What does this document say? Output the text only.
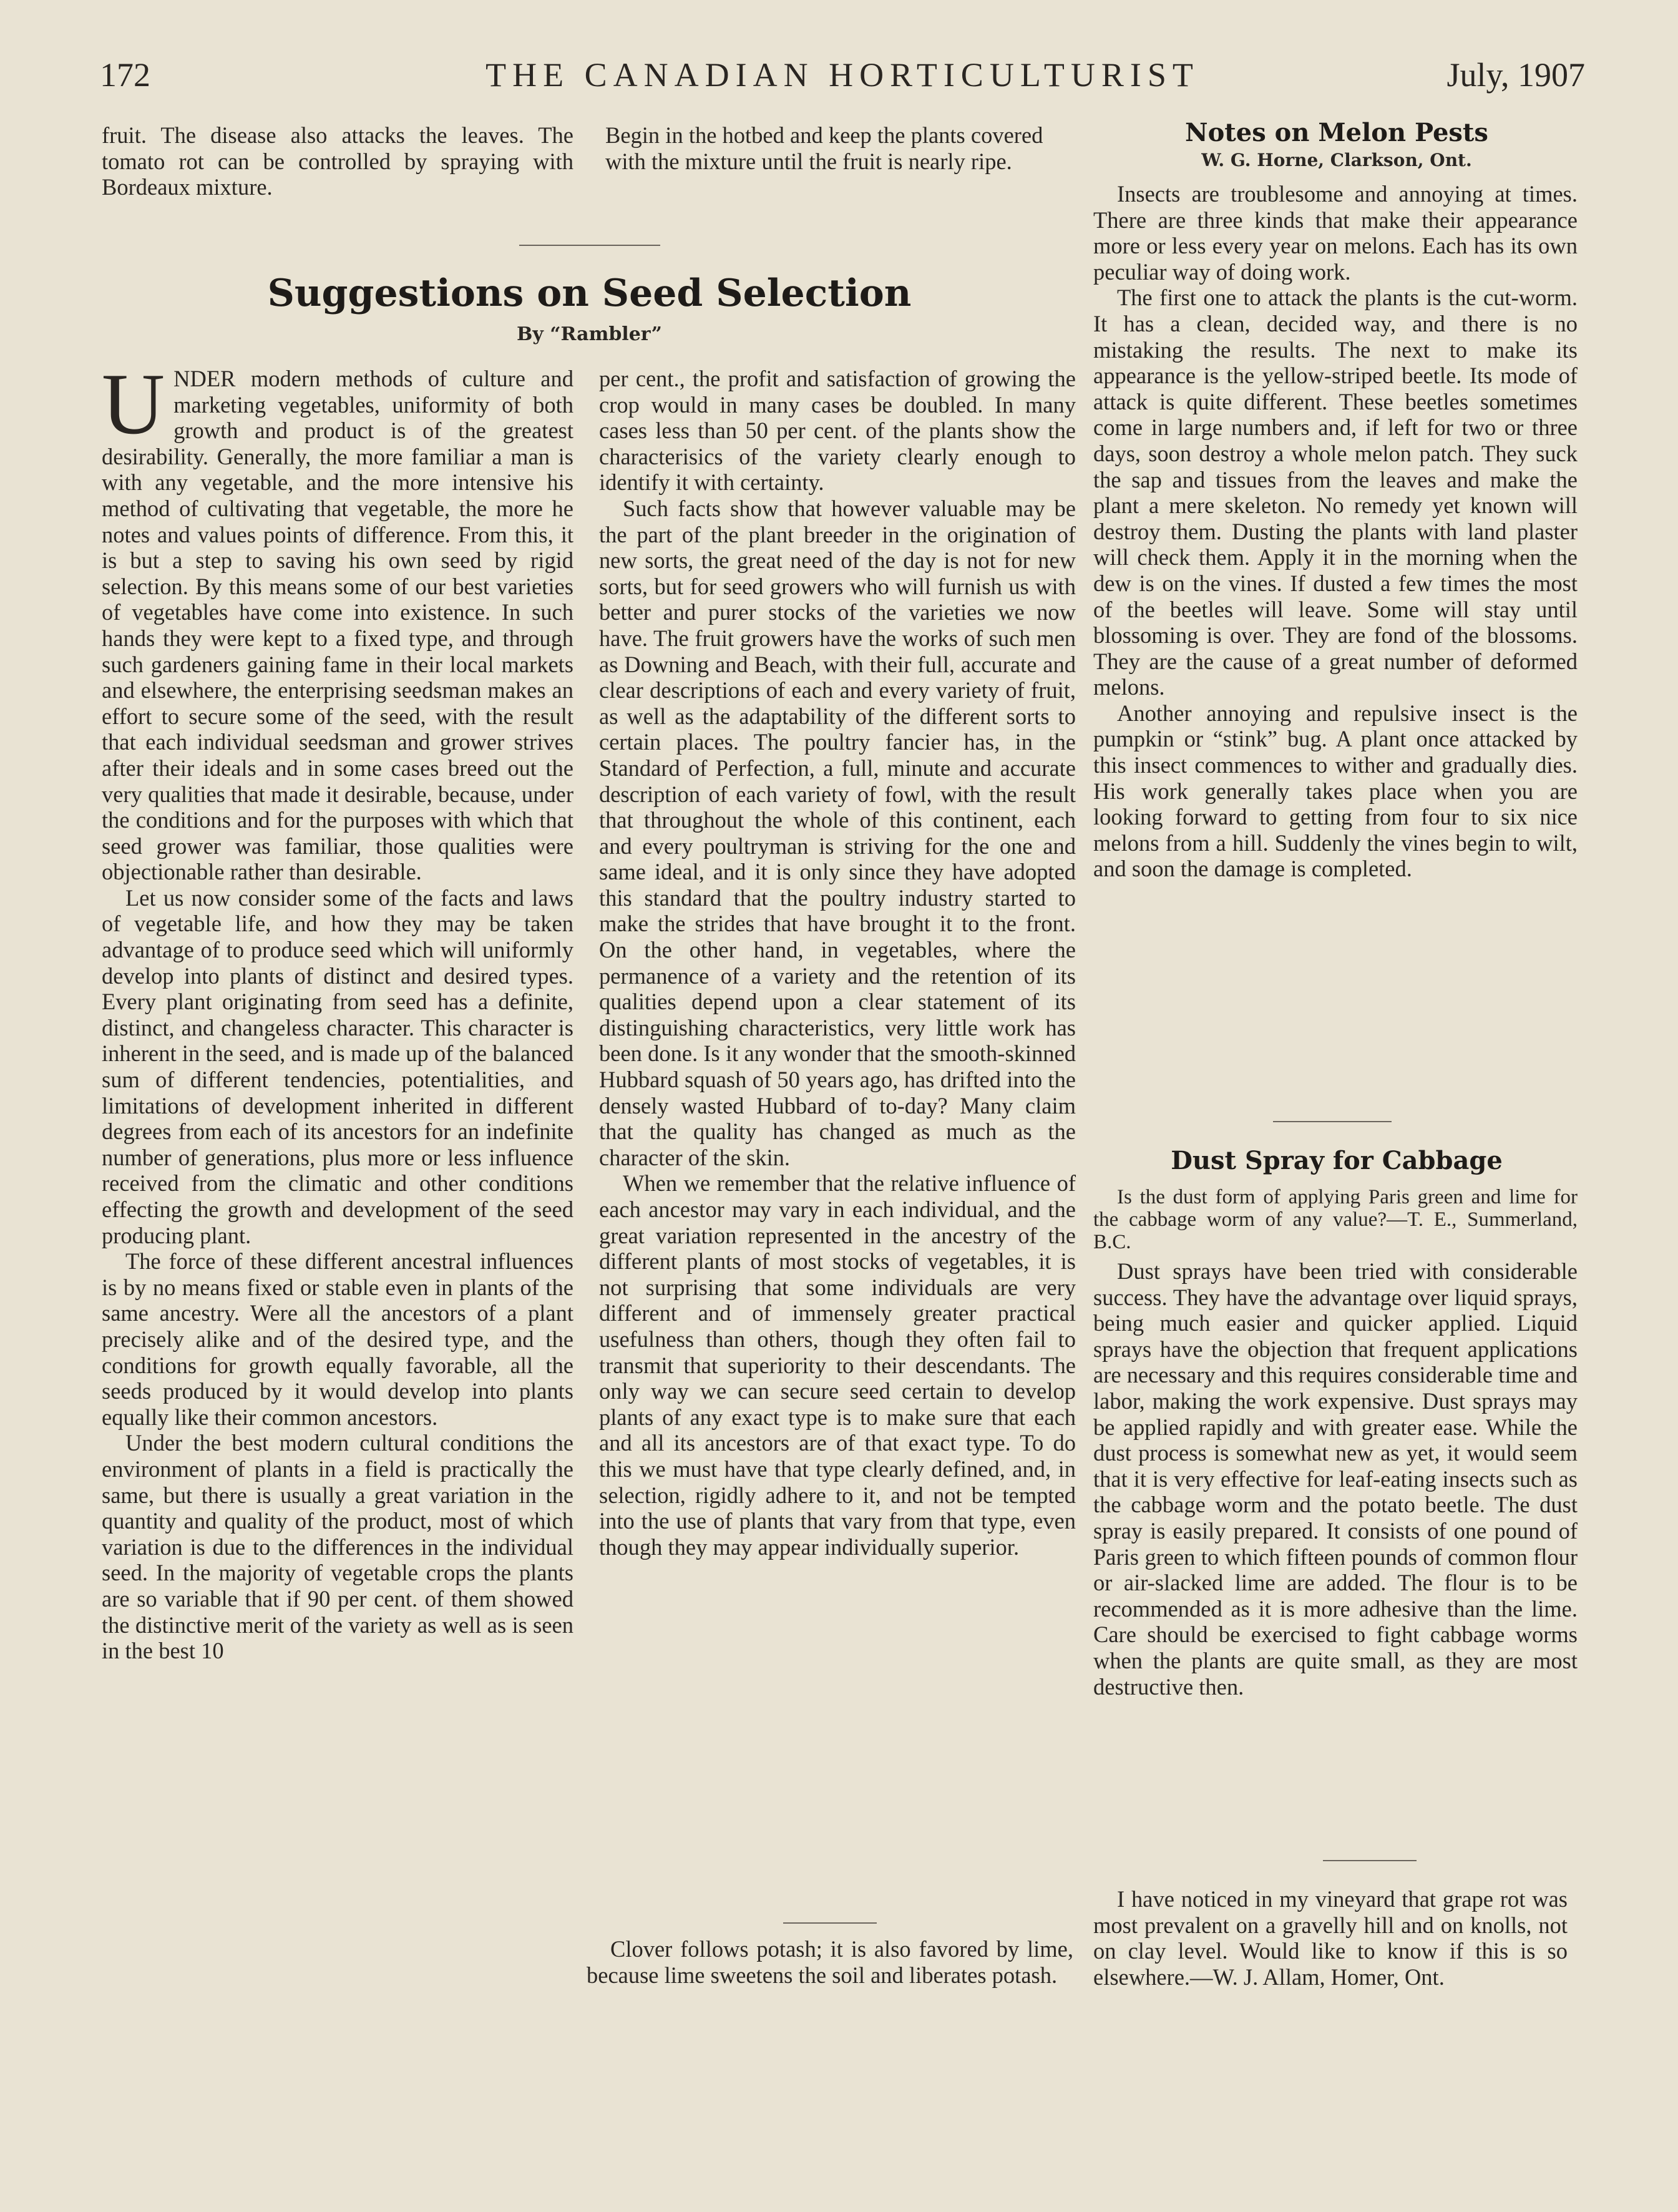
172	THE CANADIAN HORTICULTURIST	July, 1907

fruit. The disease also attacks the leaves. The tomato rot can be controlled by spraying with Bordeaux mixture.

Begin in the hotbed and keep the plants covered with the mixture until the fruit is nearly ripe.

Suggestions on Seed Selection
By “Rambler”

UNDER modern methods of culture and marketing vegetables, uniformity of both growth and product is of the greatest desirability. Generally, the more familiar a man is with any vegetable, and the more intensive his method of cultivating that vegetable, the more he notes and values points of difference. From this, it is but a step to saving his own seed by rigid selection. By this means some of our best varieties of vegetables have come into existence. In such hands they were kept to a fixed type, and through such gardeners gaining fame in their local markets and elsewhere, the enterprising seedsman makes an effort to secure some of the seed, with the result that each individual seedsman and grower strives after their ideals and in some cases breed out the very qualities that made it desirable, because, under the conditions and for the purposes with which that seed grower was familiar, those qualities were objectionable rather than desirable.

Let us now consider some of the facts and laws of vegetable life, and how they may be taken advantage of to produce seed which will uniformly develop into plants of distinct and desired types. Every plant originating from seed has a definite, distinct, and changeless character. This character is inherent in the seed, and is made up of the balanced sum of different tendencies, potentialities, and limitations of development inherited in different degrees from each of its ancestors for an indefinite number of generations, plus more or less influence received from the climatic and other conditions effecting the growth and development of the seed producing plant.

The force of these different ancestral influences is by no means fixed or stable even in plants of the same ancestry. Were all the ancestors of a plant precisely alike and of the desired type, and the conditions for growth equally favorable, all the seeds produced by it would develop into plants equally like their common ancestors.

Under the best modern cultural conditions the environment of plants in a field is practically the same, but there is usually a great variation in the quantity and quality of the product, most of which variation is due to the differences in the individual seed. In the majority of vegetable crops the plants are so variable that if 90 per cent. of them showed the distinctive merit of the variety as well as is seen in the best 10

per cent., the profit and satisfaction of growing the crop would in many cases be doubled. In many cases less than 50 per cent. of the plants show the characterisics of the variety clearly enough to identify it with certainty.

Such facts show that however valuable may be the part of the plant breeder in the origination of new sorts, the great need of the day is not for new sorts, but for seed growers who will furnish us with better and purer stocks of the varieties we now have. The fruit growers have the works of such men as Downing and Beach, with their full, accurate and clear descriptions of each and every variety of fruit, as well as the adaptability of the different sorts to certain places. The poultry fancier has, in the Standard of Perfection, a full, minute and accurate description of each variety of fowl, with the result that throughout the whole of this continent, each and every poultryman is striving for the one and same ideal, and it is only since they have adopted this standard that the poultry industry started to make the strides that have brought it to the front. On the other hand, in vegetables, where the permanence of a variety and the retention of its qualities depend upon a clear statement of its distinguishing characteristics, very little work has been done. Is it any wonder that the smooth-skinned Hubbard squash of 50 years ago, has drifted into the densely wasted Hubbard of to-day? Many claim that the quality has changed as much as the character of the skin.

When we remember that the relative influence of each ancestor may vary in each individual, and the great variation represented in the ancestry of the different plants of most stocks of vegetables, it is not surprising that some individuals are very different and of immensely greater practical usefulness than others, though they often fail to transmit that superiority to their descendants. The only way we can secure seed certain to develop plants of any exact type is to make sure that each and all its ancestors are of that exact type. To do this we must have that type clearly defined, and, in selection, rigidly adhere to it, and not be tempted into the use of plants that vary from that type, even though they may appear individually superior.

Clover follows potash; it is also favored by lime, because lime sweetens the soil and liberates potash.

Notes on Melon Pests
W. G. Horne, Clarkson, Ont.

Insects are troublesome and annoying at times. There are three kinds that make their appearance more or less every year on melons. Each has its own peculiar way of doing work.

The first one to attack the plants is the cut-worm. It has a clean, decided way, and there is no mistaking the results. The next to make its appearance is the yellow-striped beetle. Its mode of attack is quite different. These beetles sometimes come in large numbers and, if left for two or three days, soon destroy a whole melon patch. They suck the sap and tissues from the leaves and make the plant a mere skeleton. No remedy yet known will destroy them. Dusting the plants with land plaster will check them. Apply it in the morning when the dew is on the vines. If dusted a few times the most of the beetles will leave. Some will stay until blossoming is over. They are fond of the blossoms. They are the cause of a great number of deformed melons.

Another annoying and repulsive insect is the pumpkin or “stink” bug. A plant once attacked by this insect commences to wither and gradually dies. His work generally takes place when you are looking forward to getting from four to six nice melons from a hill. Suddenly the vines begin to wilt, and soon the damage is completed.

Dust Spray for Cabbage

Is the dust form of applying Paris green and lime for the cabbage worm of any value?—T. E., Summerland, B.C.

Dust sprays have been tried with considerable success. They have the advantage over liquid sprays, being much easier and quicker applied. Liquid sprays have the objection that frequent applications are necessary and this requires considerable time and labor, making the work expensive. Dust sprays may be applied rapidly and with greater ease. While the dust process is somewhat new as yet, it would seem that it is very effective for leaf-eating insects such as the cabbage worm and the potato beetle. The dust spray is easily prepared. It consists of one pound of Paris green to which fifteen pounds of common flour or air-slacked lime are added. The flour is to be recommended as it is more adhesive than the lime. Care should be exercised to fight cabbage worms when the plants are quite small, as they are most destructive then.

I have noticed in my vineyard that grape rot was most prevalent on a gravelly hill and on knolls, not on clay level. Would like to know if this is so elsewhere.—W. J. Allam, Homer, Ont.
